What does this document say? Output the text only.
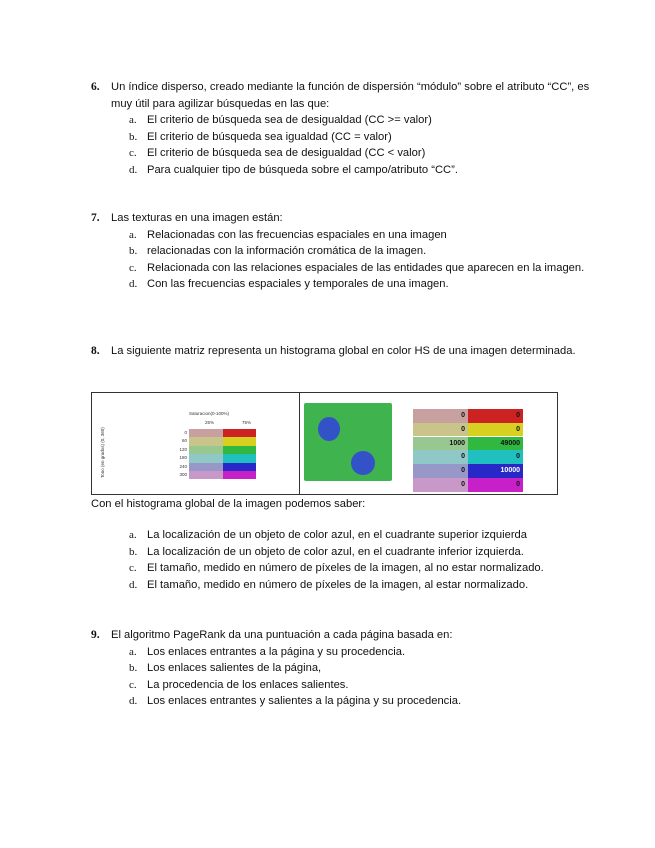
6. Un índice disperso, creado mediante la función de dispersión “módulo” sobre el atributo “CC”, es muy útil para agilizar búsquedas en las que:
a. El criterio de búsqueda sea de desigualdad (CC >= valor)
b. El criterio de búsqueda sea igualdad (CC = valor)
c. El criterio de búsqueda sea de desigualdad (CC < valor)
d. Para cualquier tipo de búsqueda sobre el campo/atributo “CC”.
7. Las texturas en una imagen están:
a. Relacionadas con las frecuencias espaciales en una imagen
b. relacionadas con la información cromática de la imagen.
c. Relacionada con las relaciones espaciales de las entidades que aparecen en la imagen.
d. Con las frecuencias espaciales y temporales de una imagen.
8. La siguiente matriz representa un histograma global en color HS de una imagen determinada.
Saturacion(0-100%)
25%	75%
Tono (en grados) (0, 360)	0
60
120
180
240
300
0	0
0	0
1000	49000
0	0
0	10000
0	0
Con el histograma global de la imagen podemos saber:
a. La localización de un objeto de color azul, en el cuadrante superior izquierda
b. La localización de un objeto de color azul, en el cuadrante inferior izquierda.
c. El tamaño, medido en número de píxeles de la imagen, al no estar normalizado.
d. El tamaño, medido en número de píxeles de la imagen, al estar normalizado.
9. El algoritmo PageRank da una puntuación a cada página basada en:
a. Los enlaces entrantes a la página y su procedencia.
b. Los enlaces salientes de la página,
c. La procedencia de los enlaces salientes.
d. Los enlaces entrantes y salientes a la página y su procedencia.
